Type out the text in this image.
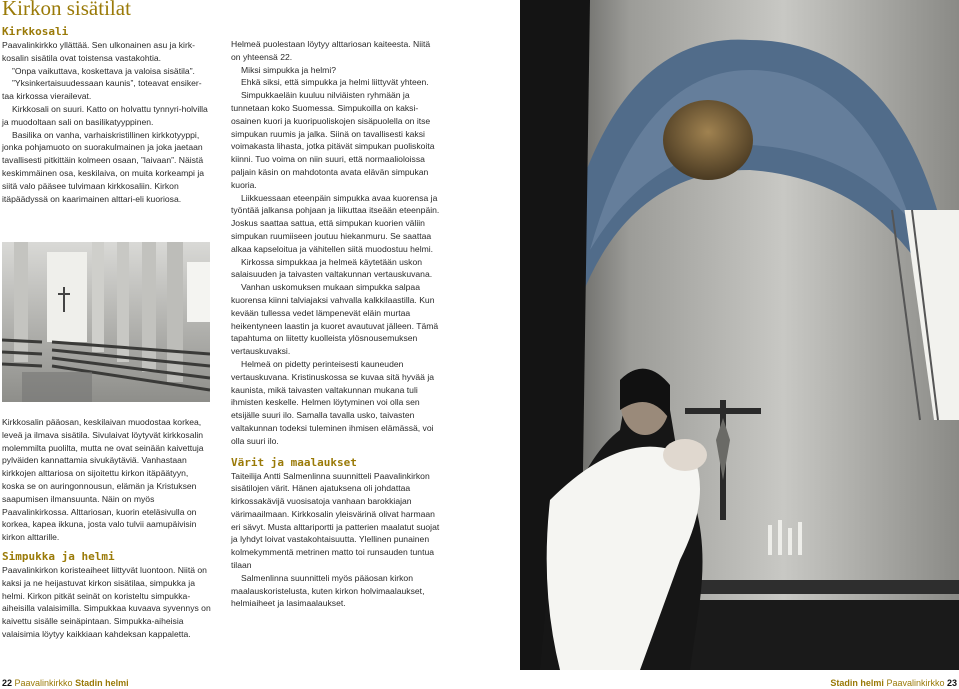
Kirkon sisätilat
Kirkkosali

Paavalinkirkko yllättää. Sen ulkonainen asu ja kirk-

kosalin sisätila ovat toistensa vastakohtia.

”Onpa vaikuttava, koskettava ja valoisa sisätila”.

”Yksinkertaisuudessaan kaunis”, toteavat ensiker-

taa kirkossa vierailevat.

Kirkkosali on suuri. Katto on holvattu tynnyri-holvilla ja muodoltaan sali on basilikatyyppinen.

Basilika on vanha, varhaiskristillinen kirkkotyyppi, jonka pohjamuoto on suorakulmainen ja joka jaetaan tavallisesti pitkittäin kolmeen osaan, ”laivaan”. Näistä keskimmäinen osa, keskilaiva, on muita korkeampi ja siitä valo pääsee tulvimaan kirkkosaliin. Kirkon itäpäädyssä on kaarimainen alttari-eli kuoriosa.

Kirkkosalin pääosan, keskilaivan muodostaa korkea, leveä ja ilmava sisätila. Sivulaivat löytyvät kirkkosalin molemmilta puolilta, mutta ne ovat seinään kaivettuja pylväiden kannattamia sivukäytäviä. Vanhastaan kirkkojen alttariosa on sijoitettu kirkon itäpäätyyn, koska se on auringonnousun, elämän ja Kristuksen saapumisen ilmansuunta. Näin on myös Paavalinkirkossa. Alttariosan, kuorin eteläsivulla on korkea, kapea ikkuna, josta valo tulvii aamupäivisin kirkon alttarille.

Simpukka ja helmi

Paavalinkirkon koristeaiheet liittyvät luontoon. Niitä on kaksi ja ne heijastuvat kirkon sisätilaa, simpukka ja helmi. Kirkon pitkät seinät on koristeltu simpukka-aiheisilla valaisimilla. Simpukkaa kuvaava syvennys on kaivettu sisälle seinäpintaan. Simpukka-aiheisia valaisimia löytyy kaikkiaan kahdeksan kappaletta.

Helmeä puolestaan löytyy alttariosan kaiteesta. Niitä on yhteensä 22.

Miksi simpukka ja helmi?

Ehkä siksi, että simpukka ja helmi liittyvät yhteen.

Simpukkaeläin kuuluu nilviäisten ryhmään ja tunnetaan koko Suomessa. Simpukoilla on kaksiosainen kuori ja kuoripuoliskojen sisäpuolella on itse simpukan ruumis ja jalka. Siinä on tavallisesti kaksi voimakasta lihasta, jotka pitävät simpukan puoliskoita kiinni. Tuo voima on niin suuri, että normaalioloissa paljain käsin on mahdotonta avata elävän simpukan kuoria.

Liikkuessaan eteenpäin simpukka avaa kuorensa ja työntää jalkansa pohjaan ja liikuttaa itseään eteenpäin. Joskus saattaa sattua, että simpukan kuorien väliin simpukan ruumiiseen joutuu hiekanmuru. Se saattaa alkaa kapseloitua ja vähitellen siitä muodostuu helmi.

Kirkossa simpukkaa ja helmeä käytetään uskon salaisuuden ja taivasten valtakunnan vertauskuvana.

Vanhan uskomuksen mukaan simpukka salpaa kuorensa kiinni talviajaksi vahvalla kalkkilaastilla. Kun kevään tullessa vedet lämpenevät eläin murtaa heikentyneen laastin ja kuoret avautuvat jälleen. Tämä tapahtuma on liitetty kuolleista ylösnousemuksen vertauskuvaksi.

Helmeä on pidetty perinteisesti kauneuden vertauskuvana. Kristinuskossa se kuvaa sitä hyvää ja kaunista, mikä taivasten valtakunnan mukana tuli ihmisten keskelle. Helmen löytyminen voi olla sen etsijälle suuri ilo. Samalla tavalla usko, taivasten valtakunnan todeksi tuleminen ihmisen elämässä, voi olla suuri ilo.

Värit ja maalaukset

Taiteilija Antti Salmenlinna suunnitteli Paavalinkirkon sisätilojen värit. Hänen ajatuksena oli johdattaa kirkossakävijä vuosisatoja vanhaan barokkiajan värimaailmaan. Kirkkosalin yleisvärinä olivat harmaan eri sävyt. Musta alttariportti ja patterien maalatut suojat ja lyhdyt loivat vastakohtaisuutta. Ylellinen punainen kolmekymmentä metrinen matto toi runsauden tuntua tilaan

Salmenlinna suunnitteli myös pääosan kirkon maalauskoristelusta, kuten kirkon holvimaalaukset, helmiaiheet ja lasimaalaukset.

22 Paavalinkirkko Stadin helmi	Stadin helmi Paavalinkirkko 23
